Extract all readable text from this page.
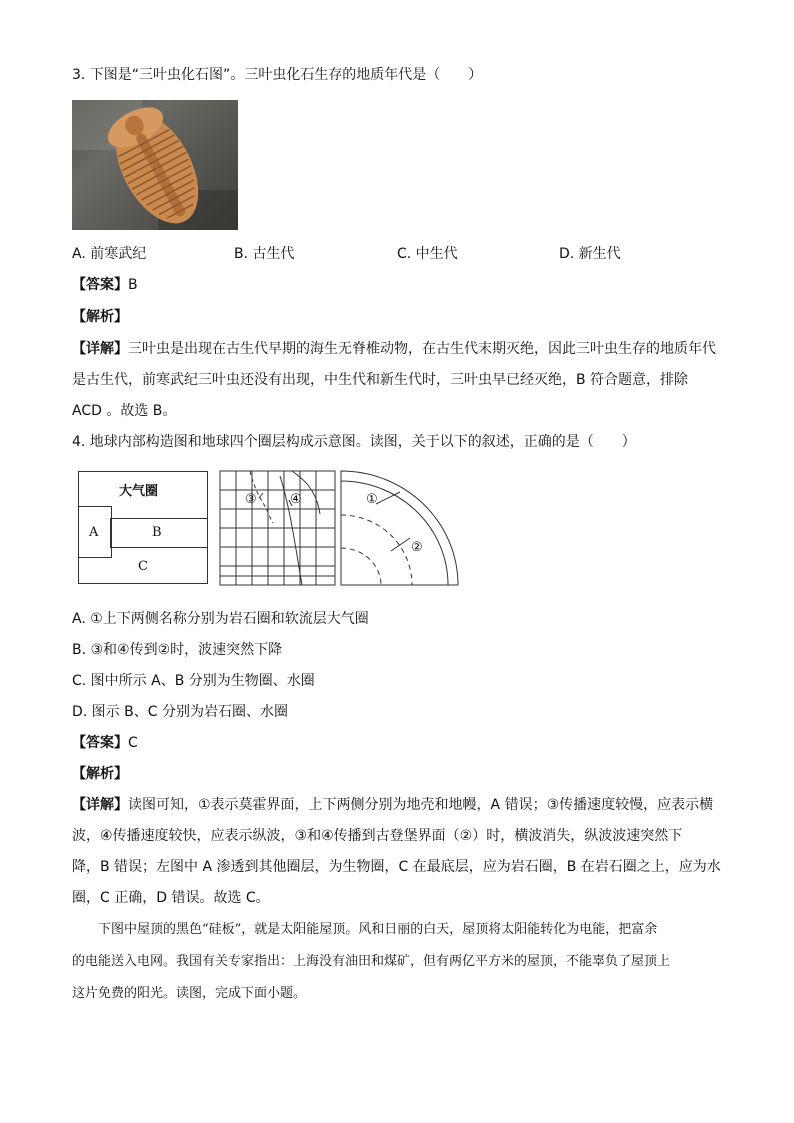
3. 下图是“三叶虫化石图”。三叶虫化石生存的地质年代是（　　）
A. 前寒武纪	B. 古生代	C. 中生代	D. 新生代
【答案】B
【解析】
【详解】三叶虫是出现在古生代早期的海生无脊椎动物，在古生代末期灭绝，因此三叶虫生存的地质年代
是古生代，前寒武纪三叶虫还没有出现，中生代和新生代时，三叶虫早已经灭绝，B 符合题意，排除
ACD 。故选 B。
4. 地球内部构造图和地球四个圈层构成示意图。读图，关于以下的叙述，正确的是（　　）
大气圈
A	B
C
③	④	①
②
A. ①上下两侧名称分别为岩石圈和软流层大气圈
B. ③和④传到②时，波速突然下降
C. 图中所示 A、B 分别为生物圈、水圈
D. 图示 B、C 分别为岩石圈、水圈
【答案】C
【解析】
【详解】读图可知，①表示莫霍界面，上下两侧分别为地壳和地幔，A 错误；③传播速度较慢，应表示横
波，④传播速度较快，应表示纵波，③和④传播到古登堡界面（②）时，横波消失，纵波波速突然下
降，B 错误；左图中 A 渗透到其他圈层，为生物圈，C 在最底层，应为岩石圈，B 在岩石圈之上，应为水
圈，C 正确，D 错误。故选 C。
　　下图中屋顶的黑色“硅板”，就是太阳能屋顶。风和日丽的白天，屋顶将太阳能转化为电能，把富余
的电能送入电网。我国有关专家指出：上海没有油田和煤矿，但有两亿平方米的屋顶，不能辜负了屋顶上
这片免费的阳光。读图，完成下面小题。
